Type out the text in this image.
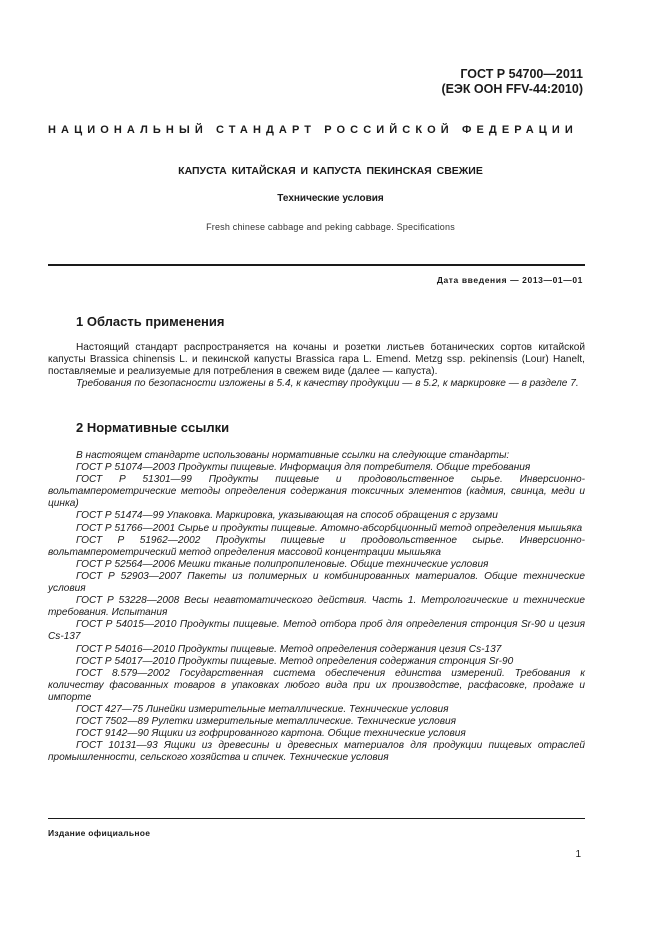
ГОСТ Р 54700—2011
(ЕЭК ООН FFV-44:2010)
НАЦИОНАЛЬНЫЙ СТАНДАРТ РОССИЙСКОЙ ФЕДЕРАЦИИ
КАПУСТА КИТАЙСКАЯ И КАПУСТА ПЕКИНСКАЯ СВЕЖИЕ
Технические условия
Fresh chinese cabbage and peking cabbage. Specifications
Дата введения — 2013—01—01
1 Область применения

Настоящий стандарт распространяется на кочаны и розетки листьев ботанических сортов китайской капусты Brassica chinensis L. и пекинской капусты Brassica rapa L. Emend. Metzg ssp. pekinensis (Lour) Hanelt, поставляемые и реализуемые для потребления в свежем виде (далее — капуста).

Требования по безопасности изложены в 5.4, к качеству продукции — в 5.2, к маркировке — в разделе 7.

2 Нормативные ссылки

В настоящем стандарте использованы нормативные ссылки на следующие стандарты:

ГОСТ Р 51074—2003 Продукты пищевые. Информация для потребителя. Общие требования

ГОСТ Р 51301—99 Продукты пищевые и продовольственное сырье. Инверсионно-вольтамперометрические методы определения содержания токсичных элементов (кадмия, свинца, меди и цинка)

ГОСТ Р 51474—99 Упаковка. Маркировка, указывающая на способ обращения с грузами

ГОСТ Р 51766—2001 Сырье и продукты пищевые. Атомно-абсорбционный метод определения мышьяка

ГОСТ Р 51962—2002 Продукты пищевые и продовольственное сырье. Инверсионно-вольтамперометрический метод определения массовой концентрации мышьяка

ГОСТ Р 52564—2006 Мешки тканые полипропиленовые. Общие технические условия

ГОСТ Р 52903—2007 Пакеты из полимерных и комбинированных материалов. Общие технические условия

ГОСТ Р 53228—2008 Весы неавтоматического действия. Часть 1. Метрологические и технические требования. Испытания

ГОСТ Р 54015—2010 Продукты пищевые. Метод отбора проб для определения стронция Sr-90 и цезия Cs-137

ГОСТ Р 54016—2010 Продукты пищевые. Метод определения содержания цезия Cs-137

ГОСТ Р 54017—2010 Продукты пищевые. Метод определения содержания стронция Sr-90

ГОСТ 8.579—2002 Государственная система обеспечения единства измерений. Требования к количеству фасованных товаров в упаковках любого вида при их производстве, расфасовке, продаже и импорте

ГОСТ 427—75 Линейки измерительные металлические. Технические условия

ГОСТ 7502—89 Рулетки измерительные металлические. Технические условия

ГОСТ 9142—90 Ящики из гофрированного картона. Общие технические условия

ГОСТ 10131—93 Ящики из древесины и древесных материалов для продукции пищевых отраслей промышленности, сельского хозяйства и спичек. Технические условия

Издание официальное
1
